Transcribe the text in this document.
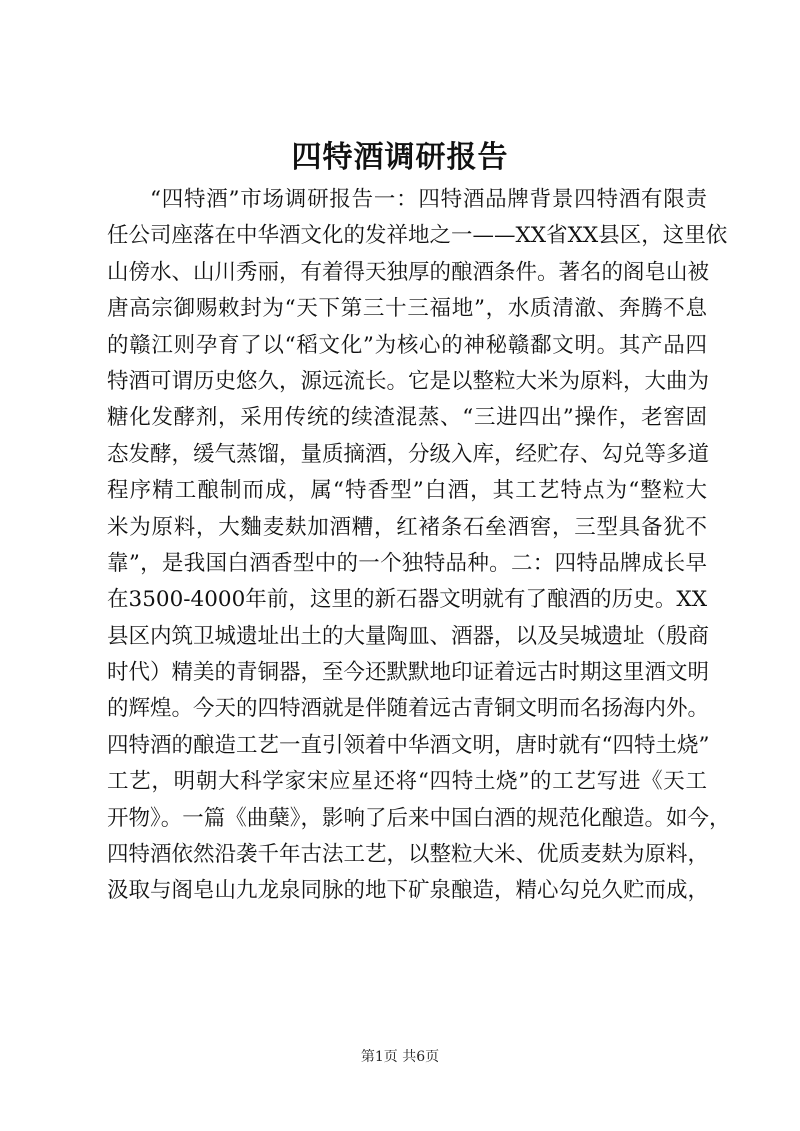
四特酒调研报告
“四特酒”市场调研报告一：四特酒品牌背景四特酒有限责
任公司座落在中华酒文化的发祥地之一——XX省XX县区，这里依
山傍水、山川秀丽，有着得天独厚的酿酒条件。著名的阁皂山被
唐高宗御赐敕封为“天下第三十三福地”，水质清澈、奔腾不息
的赣江则孕育了以“稻文化”为核心的神秘赣鄱文明。其产品四
特酒可谓历史悠久，源远流长。它是以整粒大米为原料，大曲为
糖化发酵剂，采用传统的续渣混蒸、“三进四出”操作，老窖固
态发酵，缓气蒸馏，量质摘酒，分级入库，经贮存、勾兑等多道
程序精工酿制而成，属“特香型”白酒，其工艺特点为“整粒大
米为原料，大麯麦麸加酒糟，红褚条石垒酒窖，三型具备犹不
靠”，是我国白酒香型中的一个独特品种。二：四特品牌成长早
在3500-4000年前，这里的新石器文明就有了酿酒的历史。XX
县区内筑卫城遗址出土的大量陶皿、酒器，以及吴城遗址（殷商
时代）精美的青铜器，至今还默默地印证着远古时期这里酒文明
的辉煌。今天的四特酒就是伴随着远古青铜文明而名扬海内外。
四特酒的酿造工艺一直引领着中华酒文明，唐时就有“四特土烧”
工艺，明朝大科学家宋应星还将“四特土烧”的工艺写进《天工
开物》。一篇《曲蘖》，影响了后来中国白酒的规范化酿造。如今，
四特酒依然沿袭千年古法工艺，以整粒大米、优质麦麸为原料，
汲取与阁皂山九龙泉同脉的地下矿泉酿造，精心勾兑久贮而成，
第1页 共6页
